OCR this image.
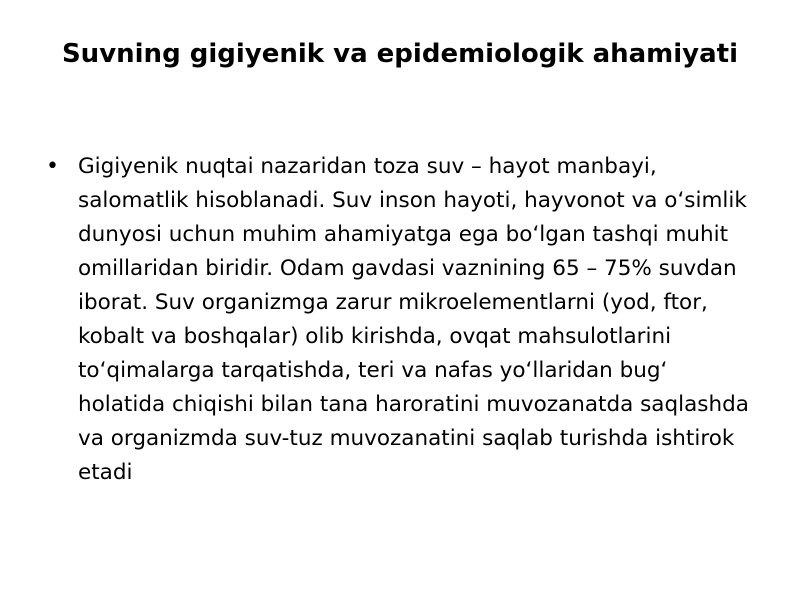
Suvning gigiyenik va epidemiologik ahamiyati
• Gigiyenik nuqtai nazaridan toza suv – hayot manbayi, salomatlik hisoblanadi. Suv inson hayoti, hayvonot va oʻsimlik dunyosi uchun muhim ahamiyatga ega boʻlgan tashqi muhit omillaridan biridir. Odam gavdasi vaznining 65 – 75% suvdan iborat. Suv organizmga zarur mikroelementlarni (yod, ftor, kobalt va boshqalar) olib kirishda, ovqat mahsulotlarini toʻqimalarga tarqatishda, teri va nafas yoʻllaridan bugʻ holatida chiqishi bilan tana haroratini muvozanatda saqlashda va organizmda suv-tuz muvozanatini saqlab turishda ishtirok etadi
